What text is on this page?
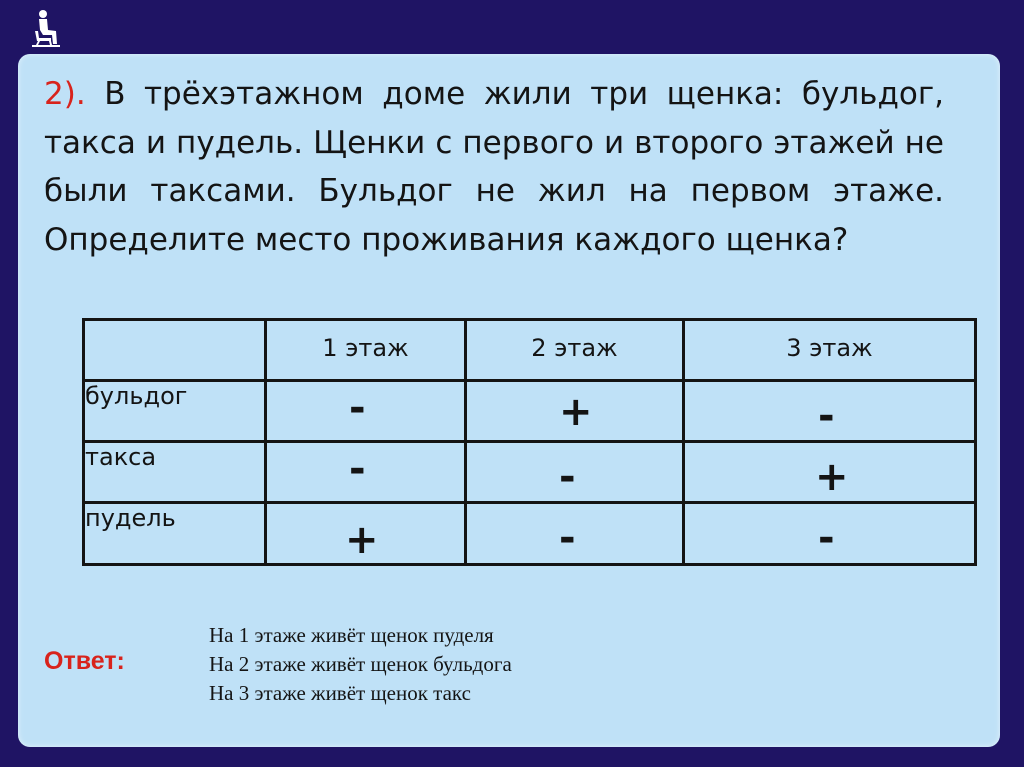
2). В трёхэтажном доме жили три щенка: бульдог, такса и пудель. Щенки с первого и второго этажей не были таксами. Бульдог не жил на первом этаже. Определите место проживания каждого щенка?

	1 этаж	2 этаж	3 этаж
бульдог	-	+	-

такса	-	-	+

пудель	+	-	-
Ответ:
На 1 этаже живёт щенок пуделя
На 2 этаже живёт щенок бульдога
На 3 этаже живёт щенок такс
